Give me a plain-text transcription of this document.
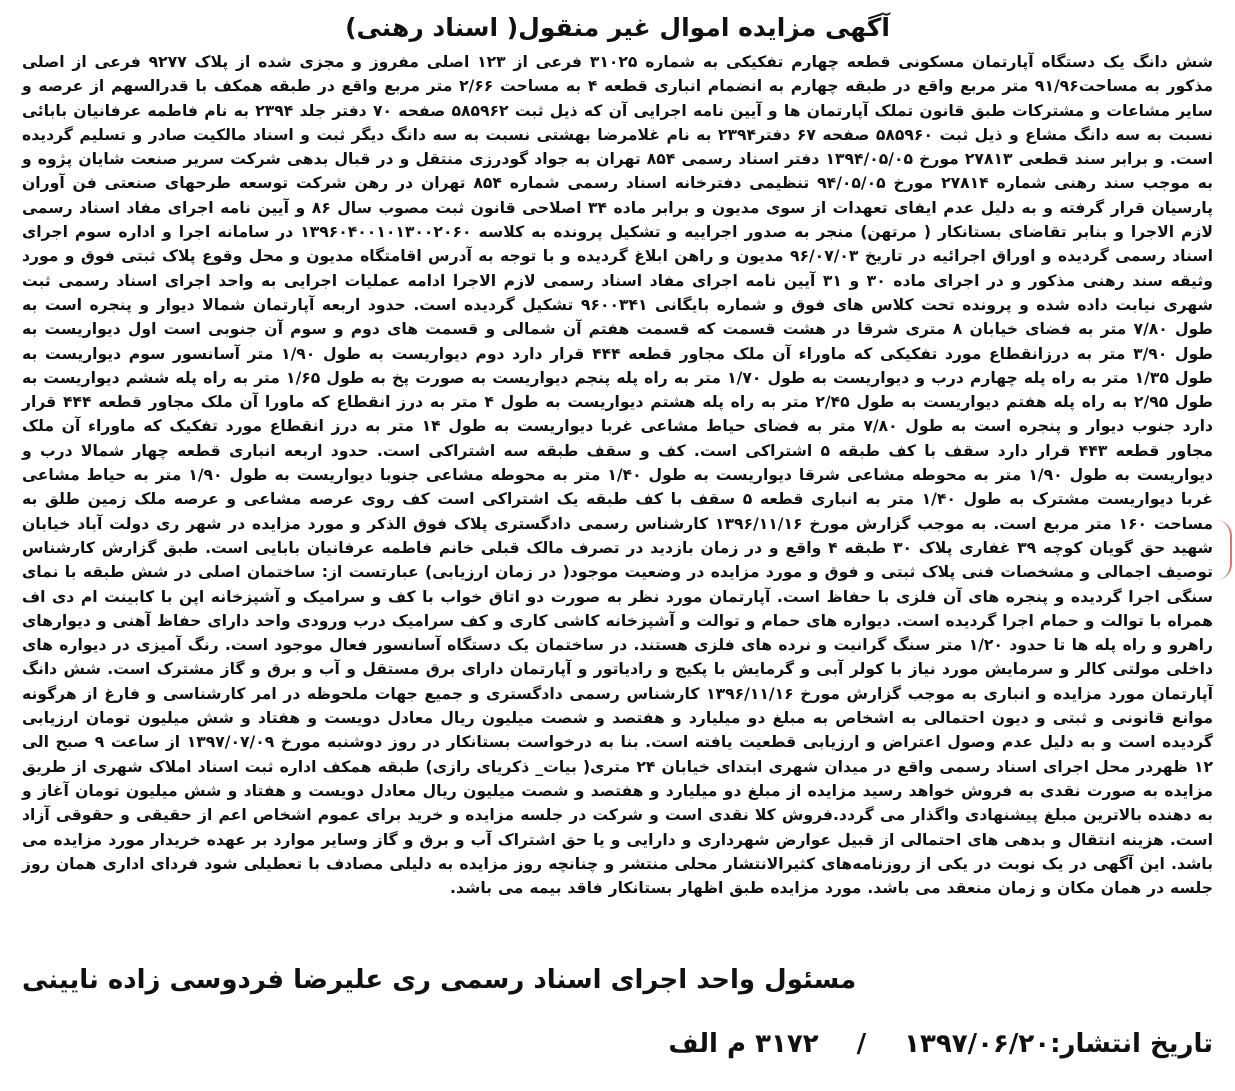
آگهی مزایده اموال غیر منقول( اسناد رهنی)

شش دانگ یک دستگاه آپارتمان مسکونی قطعه چهارم تفکیکی به شماره ۳۱۰۲۵ فرعی از ۱۲۳ اصلی مفروز و مجزی شده از پلاک ۹۲۷۷ فرعی از اصلی مذکور به مساحت۹۱/۹۶ متر مربع واقع در طبقه چهارم به انضمام انباری قطعه ۴ به مساحت ۲/۶۶ متر مربع واقع در طبقه همکف با قدرالسهم از عرصه و سایر مشاعات و مشترکات طبق قانون تملک آپارتمان ها و آیین نامه اجرایی آن که ذیل ثبت ۵۸۵۹۶۲ صفحه ۷۰ دفتر جلد ۲۳۹۴ به نام فاطمه عرفانیان بابائی نسبت به سه دانگ مشاع و ذیل ثبت ۵۸۵۹۶۰ صفحه ۶۷ دفتر۲۳۹۴ به نام غلامرضا بهشتی نسبت به سه دانگ دیگر ثبت و اسناد مالکیت صادر و تسلیم گردیده است. و برابر سند قطعی ۲۷۸۱۳ مورخ ۱۳۹۴/۰۵/۰۵ دفتر اسناد رسمی ۸۵۴ تهران به جواد گودرزی منتقل و در قبال بدهی شرکت سریر صنعت شایان پژوه و به موجب سند رهنی شماره ۲۷۸۱۴ مورخ ۹۴/۰۵/۰۵ تنظیمی دفترخانه اسناد رسمی شماره ۸۵۴ تهران در رهن شرکت توسعه طرحهای صنعتی فن آوران پارسیان قرار گرفته و به دلیل عدم ایفای تعهدات از سوی مدیون و برابر ماده ۳۴ اصلاحی قانون ثبت مصوب سال ۸۶ و آیین نامه اجرای مفاد اسناد رسمی لازم الاجرا و بنابر تقاضای بستانکار ( مرتهن) منجر به صدور اجراییه و تشکیل پرونده به کلاسه ۱۳۹۶۰۴۰۰۱۰۱۳۰۰۲۰۶۰ در سامانه اجرا و اداره سوم اجرای اسناد رسمی گردیده و اوراق اجرائیه در تاریخ ۹۶/۰۷/۰۳ مدیون و راهن ابلاغ گردیده و با توجه به آدرس اقامتگاه مدیون و محل وقوع پلاک ثبتی فوق و مورد وثیقه سند رهنی مذکور و در اجرای ماده ۳۰ و ۳۱ آیین نامه اجرای مفاد اسناد رسمی لازم الاجرا ادامه عملیات اجرایی به واحد اجرای اسناد رسمی ثبت شهری نیابت داده شده و پرونده تحت کلاس های فوق و شماره بایگانی ۹۶۰۰۳۴۱ تشکیل گردیده است. حدود اربعه آپارتمان شمالا دیوار و پنجره است به طول ۷/۸۰ متر به فضای خیابان ۸ متری شرقا در هشت قسمت که قسمت هفتم آن شمالی و قسمت های دوم و سوم آن جنوبی است اول دیواریست به طول ۳/۹۰ متر به درزانقطاع مورد تفکیکی که ماوراء آن ملک مجاور قطعه ۴۴۴ قرار دارد دوم دیواریست به طول ۱/۹۰ متر آسانسور سوم دیواریست به طول ۱/۳۵ متر به راه پله چهارم درب و دیواریست به طول ۱/۷۰ متر به راه پله پنجم دیواریست به صورت پخ به طول ۱/۶۵ متر به راه پله ششم دیواریست به طول ۲/۹۵ به راه پله هفتم دیواریست به طول ۲/۴۵ متر به راه پله هشتم دیواریست به طول ۴ متر به درز انقطاع که ماورا آن ملک مجاور قطعه ۴۴۴ قرار دارد جنوب دیوار و پنجره است به طول ۷/۸۰ متر به فضای حیاط مشاعی غربا دیواریست به طول ۱۴ متر به درز انقطاع مورد تفکیک که ماوراء آن ملک مجاور قطعه ۴۴۳ قرار دارد سقف با کف طبقه ۵ اشتراکی است. کف و سقف طبقه سه اشتراکی است. حدود اربعه انباری قطعه چهار شمالا درب و دیواریست به طول ۱/۹۰ متر به محوطه مشاعی شرقا دیواریست به طول ۱/۴۰ متر به محوطه مشاعی جنوبا دیواریست به طول ۱/۹۰ متر به حیاط مشاعی غربا دیواریست مشترک به طول ۱/۴۰ متر به انباری قطعه ۵ سقف با کف طبقه یک اشتراکی است کف روی عرصه مشاعی و عرصه ملک زمین طلق به مساحت ۱۶۰ متر مربع است. به موجب گزارش مورخ ۱۳۹۶/۱۱/۱۶ کارشناس رسمی دادگستری پلاک فوق الذکر و مورد مزایده در شهر ری دولت آباد خیابان شهید حق گویان کوچه ۳۹ غفاری پلاک ۳۰ طبقه ۴ واقع و در زمان بازدید در تصرف مالک قبلی خانم فاطمه عرفانیان بابایی است. طبق گزارش کارشناس توصیف اجمالی و مشخصات فنی پلاک ثبتی و فوق و مورد مزایده در وضعیت موجود( در زمان ارزیابی) عبارتست از: ساختمان اصلی در شش طبقه با نمای سنگی اجرا گردیده و پنجره های آن فلزی با حفاظ است. آپارتمان مورد نظر به صورت دو اتاق خواب با کف و سرامیک و آشپزخانه اپن با کابینت ام دی اف همراه با توالت و حمام اجرا گردیده است. دیواره های حمام و توالت و آشپزخانه کاشی کاری و کف سرامیک درب ورودی واحد دارای حفاظ آهنی و دیوارهای راهرو و راه پله ها تا حدود ۱/۲۰ متر سنگ گرانیت و نرده های فلزی هستند. در ساختمان یک دستگاه آسانسور فعال موجود است. رنگ آمیزی در دیواره های داخلی مولتی کالر و سرمایش مورد نیاز با کولر آبی و گرمایش با پکیج و رادیاتور و آپارتمان دارای برق مستقل و آب و برق و گاز مشترک است. شش دانگ آپارتمان مورد مزایده و انباری به موجب گزارش مورخ ۱۳۹۶/۱۱/۱۶ کارشناس رسمی دادگستری و جمیع جهات ملحوظه در امر کارشناسی و فارغ از هرگونه موانع قانونی و ثبتی و دیون احتمالی به اشخاص به مبلغ دو میلیارد و هفتصد و شصت میلیون ریال معادل دویست و هفتاد و شش میلیون تومان ارزیابی گردیده است و به دلیل عدم وصول اعتراض و ارزیابی قطعیت یافته است. بنا به درخواست بستانکار در روز دوشنبه مورخ ۱۳۹۷/۰۷/۰۹ از ساعت ۹ صبح الی ۱۲ ظهردر محل اجرای اسناد رسمی واقع در میدان شهری ابتدای خیابان ۲۴ متری( بیات_ ذکریای رازی) طبقه همکف اداره ثبت اسناد املاک شهری از طریق مزایده به صورت نقدی به فروش خواهد رسید مزایده از مبلغ دو میلیارد و هفتصد و شصت میلیون ریال معادل دویست و هفتاد و شش میلیون تومان آغاز و به دهنده بالاترین مبلغ پیشنهادی واگذار می گردد.فروش کلا نقدی است و شرکت در جلسه مزایده و خرید برای عموم اشخاص اعم از حقیقی و حقوقی آزاد است. هزینه انتقال و بدهی های احتمالی از قبیل عوارض شهرداری و دارایی و یا حق اشتراک آب و برق و گاز وسایر موارد بر عهده خریدار مورد مزایده می باشد. این آگهی در یک نوبت در یکی از روزنامه‌های کثیرالانتشار محلی منتشر و چنانچه روز مزایده به دلیلی مصادف با تعطیلی شود فردای اداری همان روز جلسه در همان مکان و زمان منعقد می باشد. مورد مزایده طبق اظهار بستانکار فاقد بیمه می باشد.

مسئول واحد اجرای اسناد رسمی ری علیرضا فردوسی زاده نایینی
تاریخ انتشار:۱۳۹۷/۰۶/۲۰/۳۱۷۲ م الف
